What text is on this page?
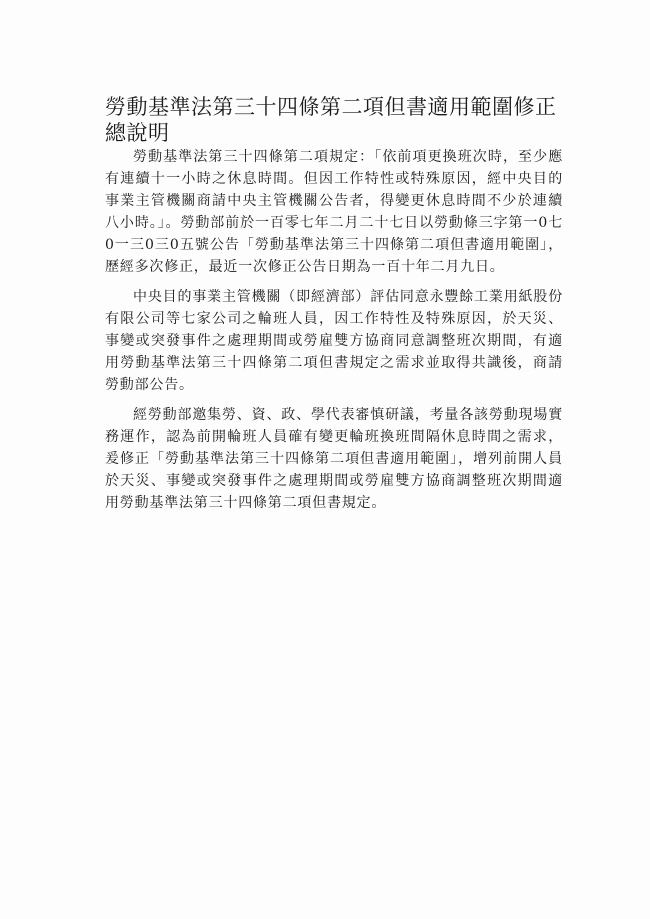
勞動基準法第三十四條第二項但書適用範圍修正
總說明

勞動基準法第三十四條第二項規定：「依前項更換班次時，至少應有連續十一小時之休息時間。但因工作特性或特殊原因，經中央目的事業主管機關商請中央主管機關公告者，得變更休息時間不少於連續八小時。」。勞動部前於一百零七年二月二十七日以勞動條三字第一0七0一三0三0五號公告「勞動基準法第三十四條第二項但書適用範圍」，歷經多次修正，最近一次修正公告日期為一百十年二月九日。

中央目的事業主管機關（即經濟部）評估同意永豐餘工業用紙股份有限公司等七家公司之輪班人員，因工作特性及特殊原因，於天災、事變或突發事件之處理期間或勞雇雙方協商同意調整班次期間，有適用勞動基準法第三十四條第二項但書規定之需求並取得共識後，商請勞動部公告。

經勞動部邀集勞、資、政、學代表審慎研議，考量各該勞動現場實務運作，認為前開輪班人員確有變更輪班換班間隔休息時間之需求，爰修正「勞動基準法第三十四條第二項但書適用範圍」，增列前開人員於天災、事變或突發事件之處理期間或勞雇雙方協商調整班次期間適用勞動基準法第三十四條第二項但書規定。
